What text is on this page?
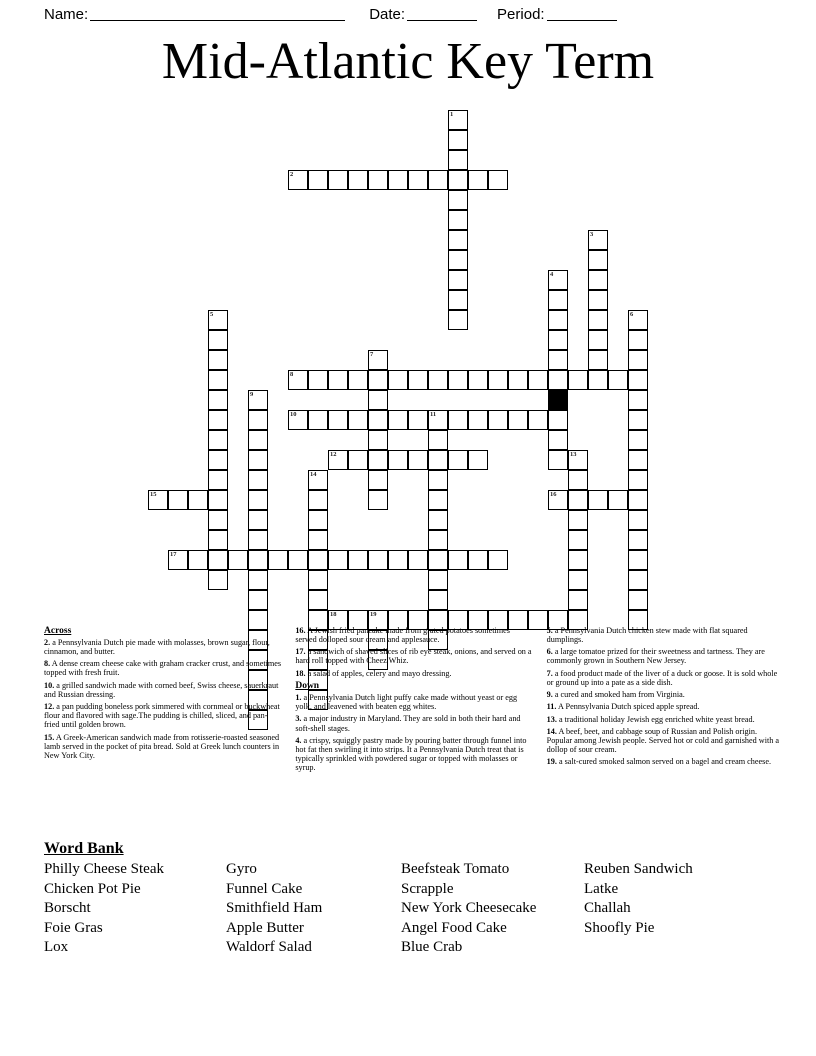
Name:	Date:	Period:
Mid-Atlantic Key Term
1
2
3
4
5	6
7
8
9
10	11
12	13
14
15	16
17
18	19
Across

2. a Pennsylvania Dutch pie made with molasses, brown sugar, flour, cinnamon, and butter.

8. A dense cream cheese cake with graham cracker crust, and sometimes topped with fresh fruit.

10. a grilled sandwich made with corned beef, Swiss cheese, sauerkraut and Russian dressing.

12. a pan pudding boneless pork simmered with cornmeal or buckwheat flour and flavored with sage.The pudding is chilled, sliced, and pan-fried until golden brown.

15. A Greek-American sandwich made from rotisserie-roasted seasoned lamb served in the pocket of pita bread. Sold at Greek lunch counters in New York City.

16. A Jewish fried pancake made from grated potatoes sometimes served dolloped sour cream and applesauce.

17. a sandwich of shaved slices of rib eye steak, onions, and served on a hard roll topped with Cheez Whiz.

18. a salad of apples, celery and mayo dressing.

Down

1. a Pennsylvania Dutch light puffy cake made without yeast or egg yolk, and leavened with beaten egg whites.

3. a major industry in Maryland. They are sold in both their hard and soft-shell stages.

4. a crispy, squiggly pastry made by pouring batter through funnel into hot fat then swirling it into strips. It a Pennsylvania Dutch treat that is typically sprinkled with powdered sugar or topped with molasses or syrup.

5. a Pennsylvania Dutch chicken stew made with flat squared dumplings.

6. a large tomatoe prized for their sweetness and tartness. They are commonly grown in Southern New Jersey.

7. a food product made of the liver of a duck or goose. It is sold whole or ground up into a pate as a side dish.

9. a cured and smoked ham from Virginia.

11. A Pennsylvania Dutch spiced apple spread.

13. a traditional holiday Jewish egg enriched white yeast bread.

14. A beef, beet, and cabbage soup of Russian and Polish origin. Popular among Jewish people. Served hot or cold and garnished with a dollop of sour cream.

19. a salt-cured smoked salmon served on a bagel and cream cheese.

Word Bank
Philly Cheese Steak	Gyro	Beefsteak Tomato	Reuben Sandwich
Chicken Pot Pie	Funnel Cake	Scrapple	Latke
Borscht	Smithfield Ham	New York Cheesecake	Challah
Foie Gras	Apple Butter	Angel Food Cake	Shoofly Pie
Lox	Waldorf Salad	Blue Crab
